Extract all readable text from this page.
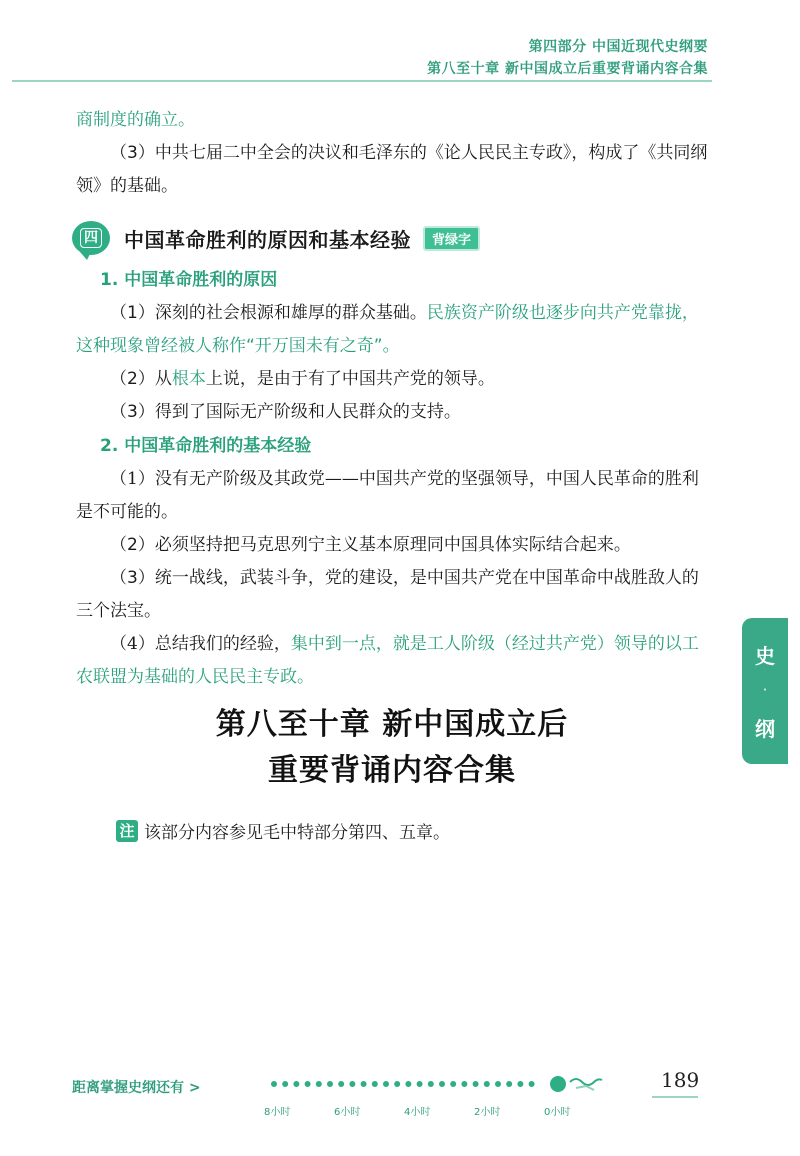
第四部分 中国近现代史纲要
第八至十章 新中国成立后重要背诵内容合集

商制度的确立。

（3）中共七届二中全会的决议和毛泽东的《论人民民主专政》，构成了《共同纲领》的基础。

四 中国革命胜利的原因和基本经验	背绿字
1. 中国革命胜利的原因

（1）深刻的社会根源和雄厚的群众基础。民族资产阶级也逐步向共产党靠拢，这种现象曾经被人称作“开万国未有之奇”。

（2）从根本上说，是由于有了中国共产党的领导。

（3）得到了国际无产阶级和人民群众的支持。

2. 中国革命胜利的基本经验

（1）没有无产阶级及其政党——中国共产党的坚强领导，中国人民革命的胜利是不可能的。

（2）必须坚持把马克思列宁主义基本原理同中国具体实际结合起来。

（3）统一战线，武装斗争，党的建设，是中国共产党在中国革命中战胜敌人的三个法宝。

（4）总结我们的经验，集中到一点，就是工人阶级（经过共产党）领导的以工农联盟为基础的人民民主专政。

史
∙
纲
第八至十章 新中国成立后
重要背诵内容合集
注 该部分内容参见毛中特部分第四、五章。
距离掌握史纲还有 >
8小时	6小时	4小时	2小时	0小时
189
